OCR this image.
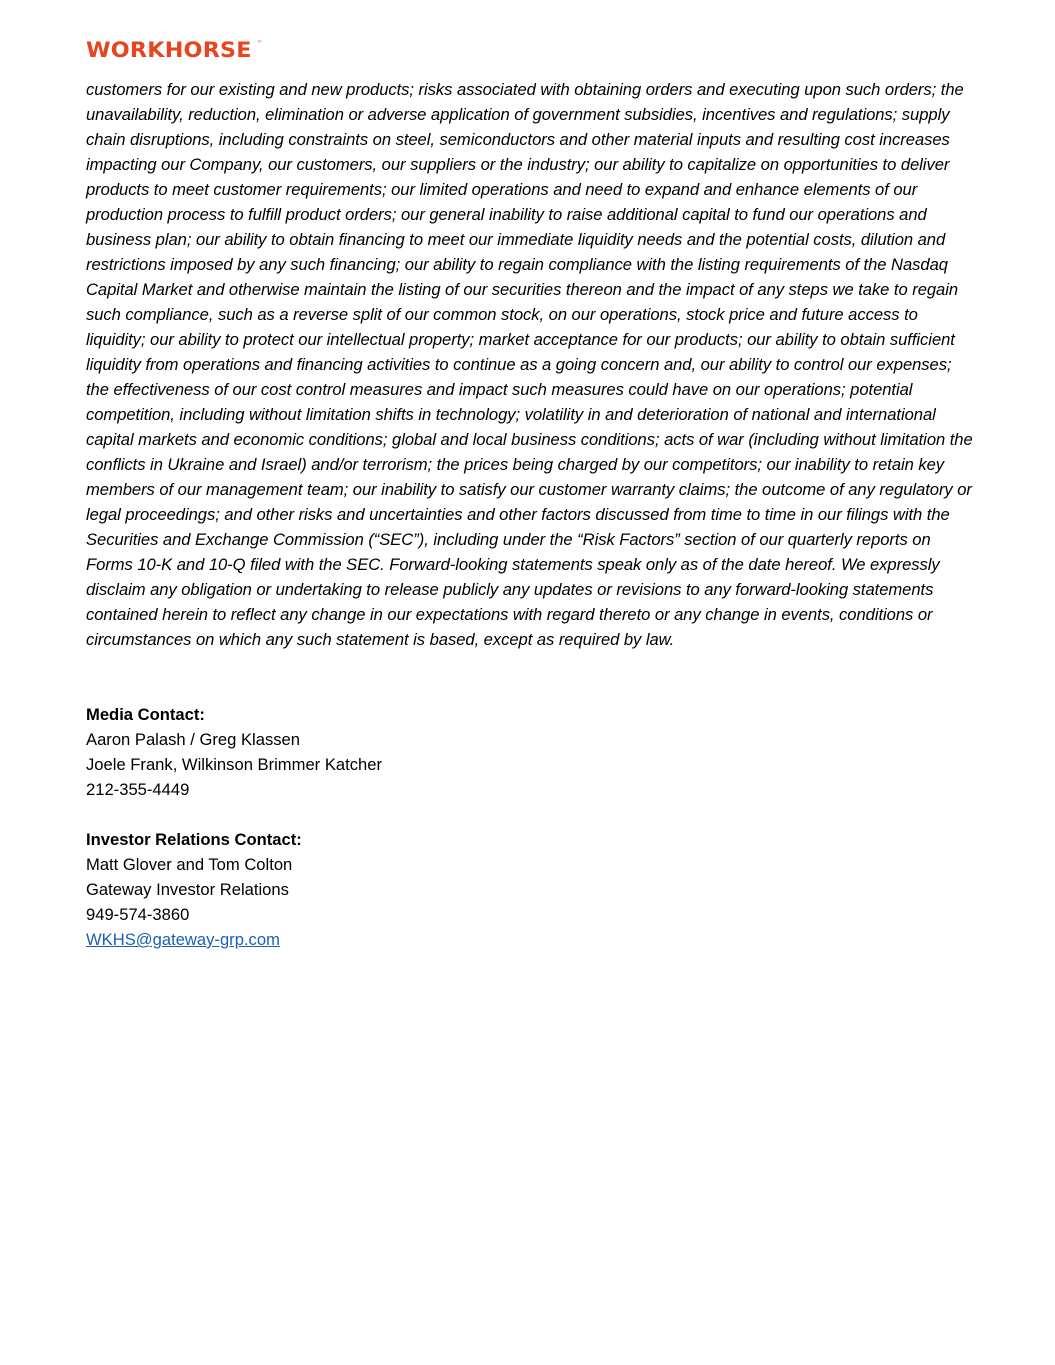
WORKHORSE ™

customers for our existing and new products; risks associated with obtaining orders and executing upon such orders; the unavailability, reduction, elimination or adverse application of government subsidies, incentives and regulations; supply chain disruptions, including constraints on steel, semiconductors and other material inputs and resulting cost increases impacting our Company, our customers, our suppliers or the industry; our ability to capitalize on opportunities to deliver products to meet customer requirements; our limited operations and need to expand and enhance elements of our production process to fulfill product orders; our general inability to raise additional capital to fund our operations and business plan; our ability to obtain financing to meet our immediate liquidity needs and the potential costs, dilution and restrictions imposed by any such financing; our ability to regain compliance with the listing requirements of the Nasdaq Capital Market and otherwise maintain the listing of our securities thereon and the impact of any steps we take to regain such compliance, such as a reverse split of our common stock, on our operations, stock price and future access to liquidity; our ability to protect our intellectual property; market acceptance for our products; our ability to obtain sufficient liquidity from operations and financing activities to continue as a going concern and, our ability to control our expenses; the effectiveness of our cost control measures and impact such measures could have on our operations; potential competition, including without limitation shifts in technology; volatility in and deterioration of national and international capital markets and economic conditions; global and local business conditions; acts of war (including without limitation the conflicts in Ukraine and Israel) and/or terrorism; the prices being charged by our competitors; our inability to retain key members of our management team; our inability to satisfy our customer warranty claims; the outcome of any regulatory or legal proceedings; and other risks and uncertainties and other factors discussed from time to time in our filings with the Securities and Exchange Commission (“SEC”), including under the “Risk Factors” section of our quarterly reports on Forms 10-K and 10-Q filed with the SEC. Forward-looking statements speak only as of the date hereof. We expressly disclaim any obligation or undertaking to release publicly any updates or revisions to any forward-looking statements contained herein to reflect any change in our expectations with regard thereto or any change in events, conditions or circumstances on which any such statement is based, except as required by law.

Media Contact:
Aaron Palash / Greg Klassen
Joele Frank, Wilkinson Brimmer Katcher
212-355-4449
Investor Relations Contact:
Matt Glover and Tom Colton
Gateway Investor Relations
949-574-3860
WKHS@gateway-grp.com
